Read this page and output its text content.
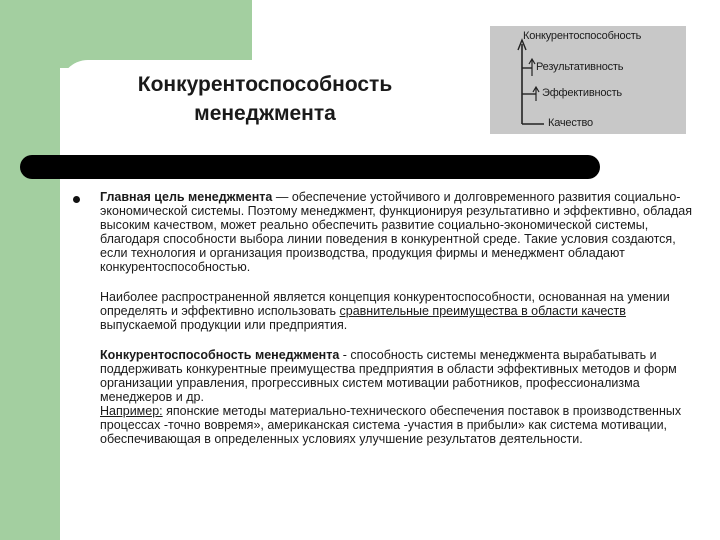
Конкурентоспособность
менеджмента
Конкурентоспособность
Результативность
Эффективность
Качество

Главная цель менеджмента — обеспечение устойчивого и долговременного развития социально-экономической системы. Поэтому менеджмент, функционируя результативно и эффективно, обладая высоким качеством, может реально обеспечить развитие социально-экономической системы, благодаря способности выбора линии поведения в конкурентной среде. Такие условия создаются, если технология и организация производства, продукция фирмы и менеджмент обладают конкурентоспособностью.

Наиболее распространенной является концепция конкурентоспособности, основанная на умении определять и эффективно использовать сравнительные преимущества в области качеств выпускаемой продукции или предприятия.

Конкурентоспособность менеджмента - способность системы менеджмента вырабатывать и поддерживать конкурентные преимущества предприятия в области эффективных методов и форм организации управления, прогрессивных систем мотивации работников, профессионализма менеджеров и др.

Например: японские методы материально-технического обеспечения поставок в производственных процессах -точно вовремя», американская система -участия в прибыли» как система мотивации, обеспечивающая в определенных условиях улучшение результатов деятельности.
